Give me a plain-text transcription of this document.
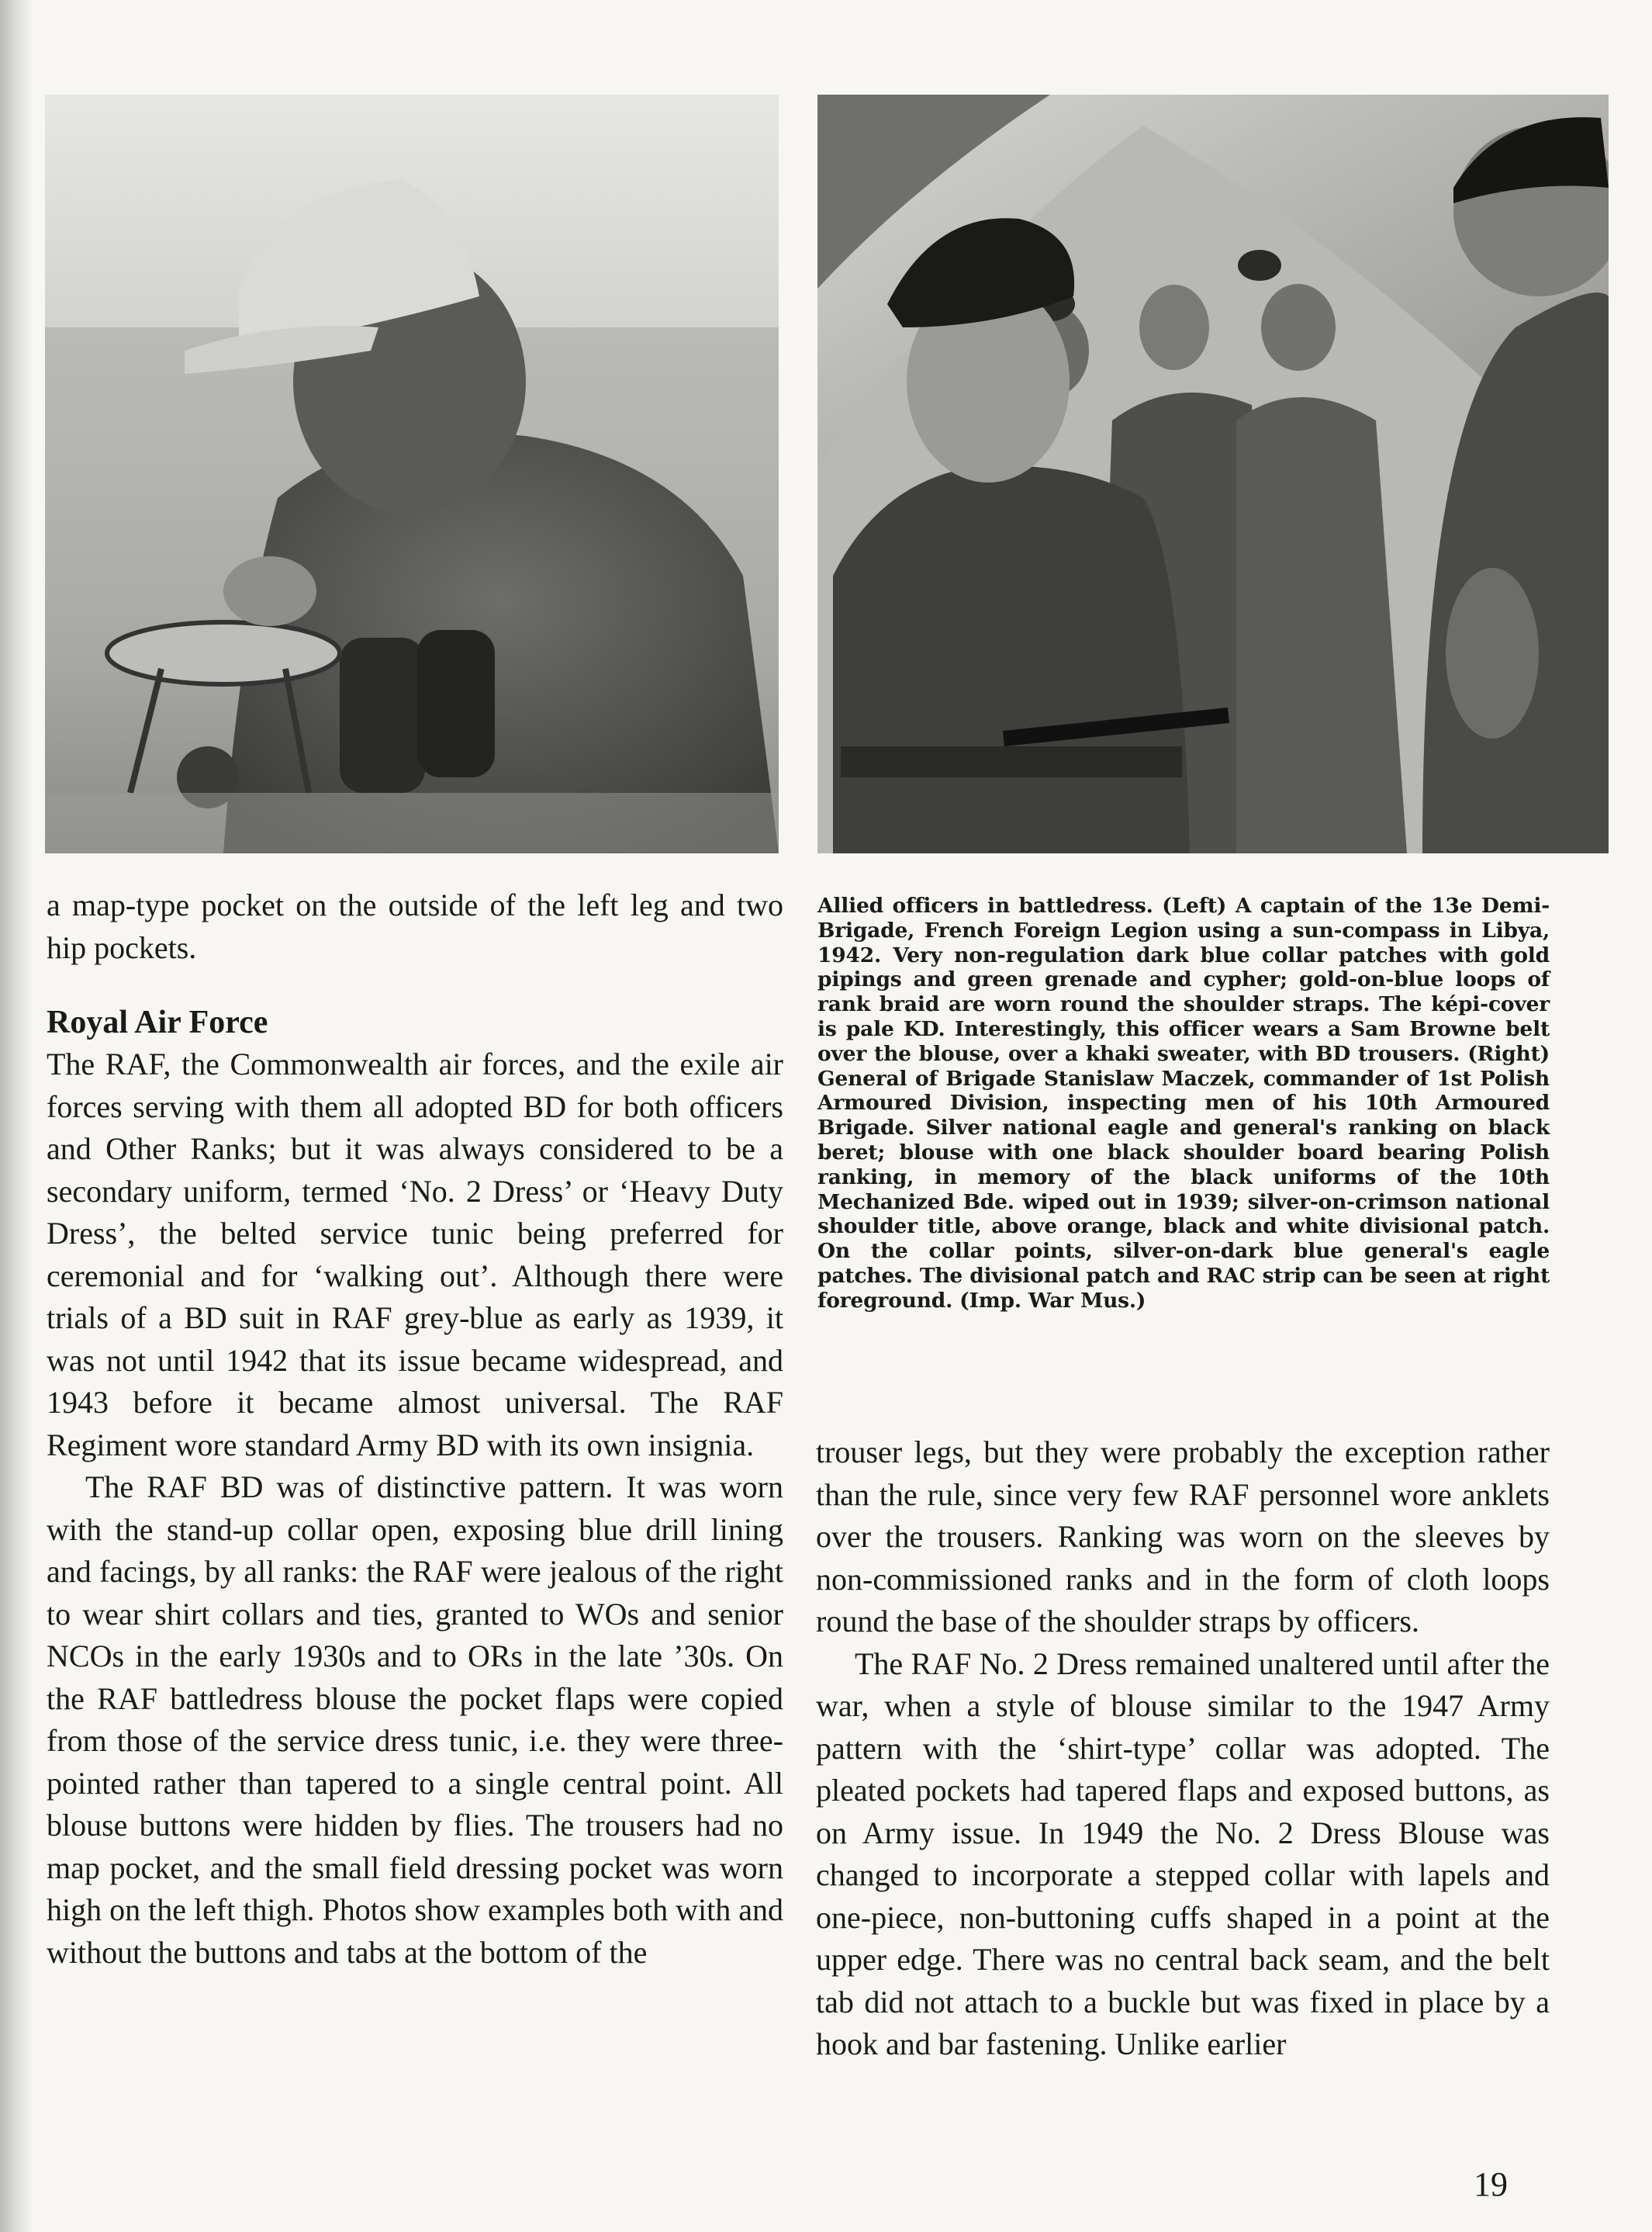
Allied officers in battledress. (Left) A captain of the 13e Demi-Brigade, French Foreign Legion using a sun-compass in Libya, 1942. Very non-regulation dark blue collar patches with gold pipings and green grenade and cypher; gold-on-blue loops of rank braid are worn round the shoulder straps. The képi-cover is pale KD. Interestingly, this officer wears a Sam Browne belt over the blouse, over a khaki sweater, with BD trousers. (Right) General of Brigade Stanislaw Maczek, commander of 1st Polish Armoured Division, inspecting men of his 10th Armoured Brigade. Silver national eagle and general's ranking on black beret; blouse with one black shoulder board bearing Polish ranking, in memory of the black uniforms of the 10th Mechanized Bde. wiped out in 1939; silver-on-crimson national shoulder title, above orange, black and white divisional patch. On the collar points, silver-on-dark blue general's eagle patches. The divisional patch and RAC strip can be seen at right foreground. (Imp. War Mus.)

a map-type pocket on the outside of the left leg and two hip pockets.

Royal Air Force

The RAF, the Commonwealth air forces, and the exile air forces serving with them all adopted BD for both officers and Other Ranks; but it was always considered to be a secondary uniform, termed ‘No. 2 Dress’ or ‘Heavy Duty Dress’, the belted service tunic being preferred for ceremonial and for ‘walking out’. Although there were trials of a BD suit in RAF grey-blue as early as 1939, it was not until 1942 that its issue became widespread, and 1943 before it became almost universal. The RAF Regiment wore standard Army BD with its own insignia.

The RAF BD was of distinctive pattern. It was worn with the stand-up collar open, exposing blue drill lining and facings, by all ranks: the RAF were jealous of the right to wear shirt collars and ties, granted to WOs and senior NCOs in the early 1930s and to ORs in the late ’30s. On the RAF battledress blouse the pocket flaps were copied from those of the service dress tunic, i.e. they were three-pointed rather than tapered to a single central point. All blouse buttons were hidden by flies. The trousers had no map pocket, and the small field dressing pocket was worn high on the left thigh. Photos show examples both with and without the buttons and tabs at the bottom of the

trouser legs, but they were probably the exception rather than the rule, since very few RAF personnel wore anklets over the trousers. Ranking was worn on the sleeves by non-commissioned ranks and in the form of cloth loops round the base of the shoulder straps by officers.

The RAF No. 2 Dress remained unaltered until after the war, when a style of blouse similar to the 1947 Army pattern with the ‘shirt-type’ collar was adopted. The pleated pockets had tapered flaps and exposed buttons, as on Army issue. In 1949 the No. 2 Dress Blouse was changed to incorporate a stepped collar with lapels and one-piece, non-buttoning cuffs shaped in a point at the upper edge. There was no central back seam, and the belt tab did not attach to a buckle but was fixed in place by a hook and bar fastening. Unlike earlier

19
